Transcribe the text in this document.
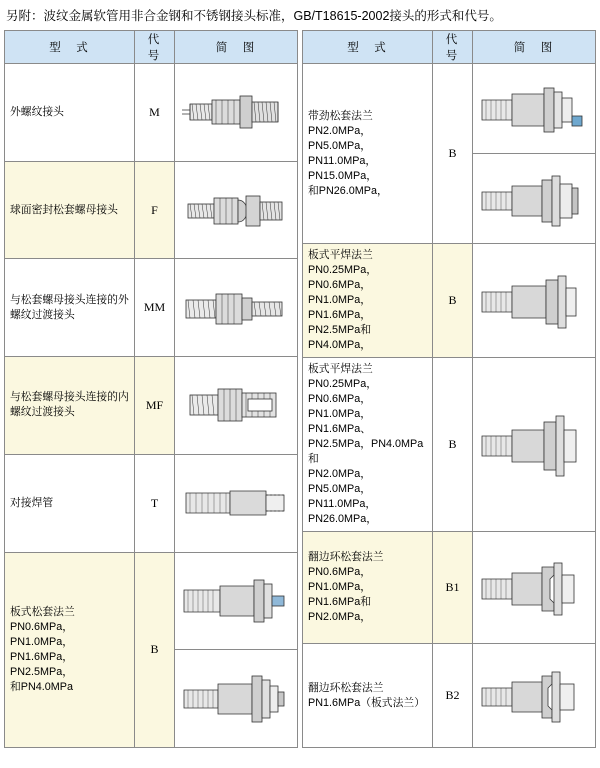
另附：波纹金属软管用非合金钢和不锈钢接头标准，GB/T18615-2002接头的形式和代号。
型　式	代　号	简　图

外螺纹接头	M	

球面密封松套螺母接头	F	

与松套螺母接头连接的外螺纹过渡接头	MM	

与松套螺母接头连接的内螺纹过渡接头	MF	

对接焊管	T	

板式松套法兰
PN0.6MPa，PN1.0MPa，
PN1.6MPa，PN2.5MPa，
和PN4.0MPa	B	

型　式	代　号	简　图

带劲松套法兰
PN2.0MPa，PN5.0MPa，
PN11.0MPa，PN15.0MPa，
和PN26.0MPa，	B	

板式平焊法兰
PN0.25MPa，PN0.6MPa，
PN1.0MPa，PN1.6MPa，
PN2.5MPa和PN4.0MPa，	B	

板式平焊法兰
PN0.25MPa，PN0.6MPa，
PN1.0MPa，PN1.6MPa、
PN2.5MPa，PN4.0MPa和
PN2.0MPa，PN5.0MPa，
PN11.0MPa，PN26.0MPa，
	B	

翻边环松套法兰
PN0.6MPa，PN1.0MPa，
PN1.6MPa和PN2.0MPa，	B1	

翻边环松套法兰
PN1.6MPa（板式法兰）	B2	
